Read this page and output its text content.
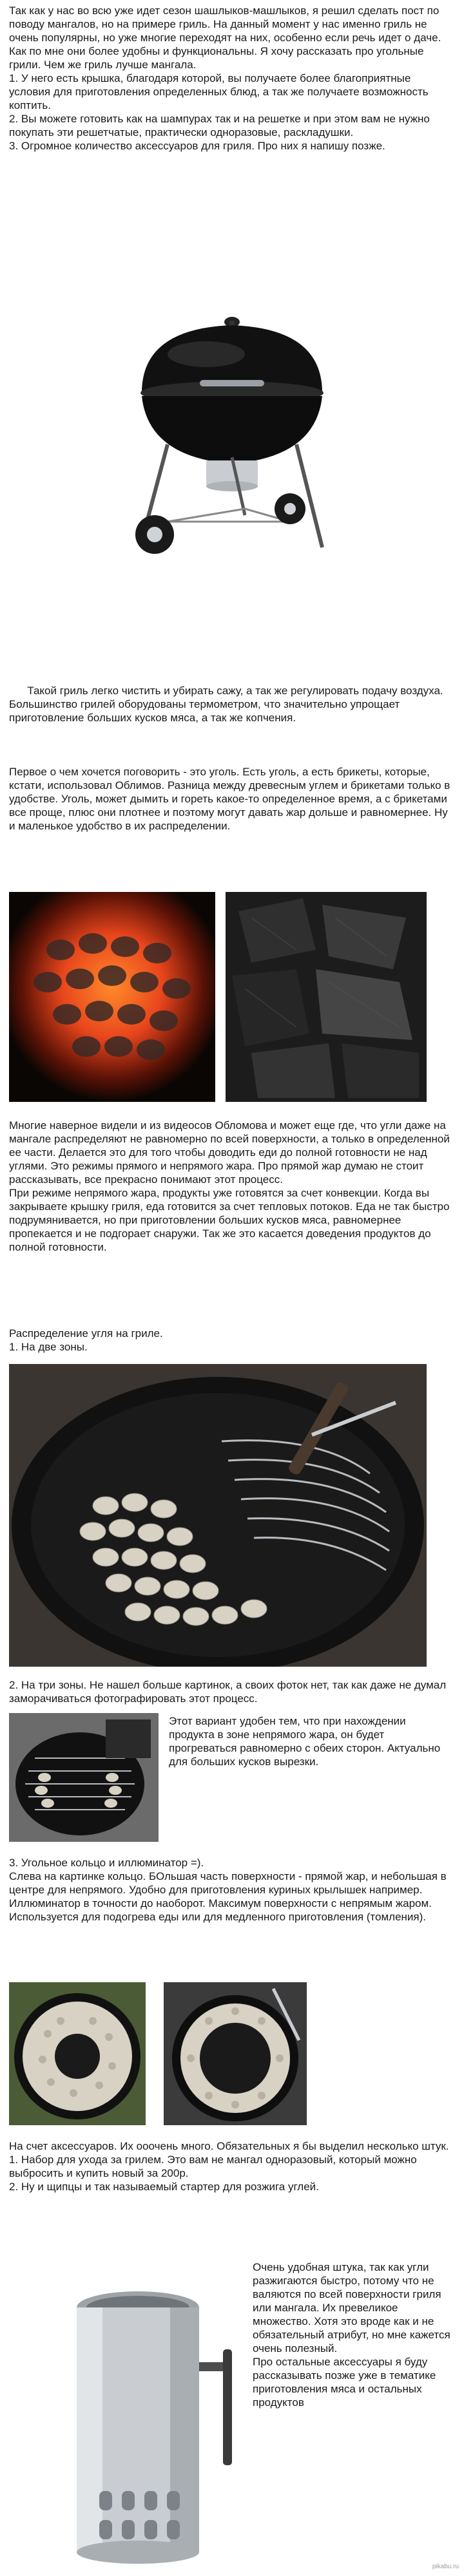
Так как у нас во всю уже идет сезон шашлыков-машлыков, я решил сделать пост по поводу мангалов, но на примере гриль. На данный момент у нас именно гриль не очень популярны, но уже многие переходят на них, особенно если речь идет о даче. Как по мне они более удобны и функциональны. Я хочу рассказать про угольные грили. Чем же гриль лучше мангала.
1. У него есть крышка, благодаря которой, вы получаете более благоприятные условия для приготовления определенных блюд, а так же получаете возможность коптить.
2. Вы можете готовить как на шампурах так и на решетке и при этом вам не нужно покупать эти решетчатые, практически одноразовые, раскладушки.
3. Огромное количество аксессуаров для гриля. Про них я напишу позже.
Такой гриль легко чистить и убирать сажу, а так же регулировать подачу воздуха. Большинство грилей оборудованы термометром, что значительно упрощает приготовление больших кусков мяса, а так же копчения.
Первое о чем хочется поговорить - это уголь. Есть уголь, а есть брикеты, которые, кстати, использовал Облимов. Разница между древесным углем и брикетами только в удобстве. Уголь, может дымить и гореть какое-то определенное время, а с брикетами все проще, плюс они плотнее и поэтому могут давать жар дольше и равномернее. Ну и маленькое удобство в их распределении.
Многие наверное видели и из видеосов Обломова и может еще где, что угли даже на мангале распределяют не равномерно по всей поверхности, а только в определенной ее части. Делается это для того чтобы доводить еди до полной готовности не над углями. Это режимы прямого и непрямого жара. Про прямой жар думаю не стоит рассказывать, все прекрасно понимают этот процесс.
При режиме непрямого жара, продукты уже готовятся за счет конвекции. Когда вы закрываете крышку гриля, еда готовится за счет тепловых потоков. Еда не так быстро подрумянивается, но при приготовлении больших кусков мяса, равномернее пропекается и не подгорает снаружи. Так же это касается доведения продуктов до полной готовности.
Распределение угля на гриле.
1. На две зоны.
2. На три зоны. Не нашел больше картинок, а своих фоток нет, так как даже не думал заморачиваться фотографировать этот процесс.
Этот вариант удобен тем, что при нахождении продукта в зоне непрямого жара, он будет прогреваться равномерно с обеих сторон. Актуально для больших кусков вырезки.
3. Угольное кольцо и иллюминатор =).
Слева на картинке кольцо. БОльшая часть поверхности - прямой жар, и небольшая в центре для непрямого. Удобно для приготовления куриных крылышек например.
Иллюминатор в точности до наоборот. Максимум поверхности с непрямым жаром. Используется для подогрева еды или для медленного приготовления (томления).
На счет аксессуаров. Их ооочень много. Обязательных я бы выделил несколько штук.
1. Набор для ухода за грилем. Это вам не мангал одноразовый, который можно выбросить и купить новый за 200р.
2. Ну и щипцы и так называемый стартер для розжига углей.
Очень удобная штука, так как угли разжигаются быстро, потому что не валяются по всей поверхности гриля или мангала. Их превеликое множество. Хотя это вроде как и не обязательный атрибут, но мне кажется очень полезный.
Про остальные аксессуары я буду рассказывать позже уже в тематике приготовления мяса и остальных продуктов
pikabu.ru
